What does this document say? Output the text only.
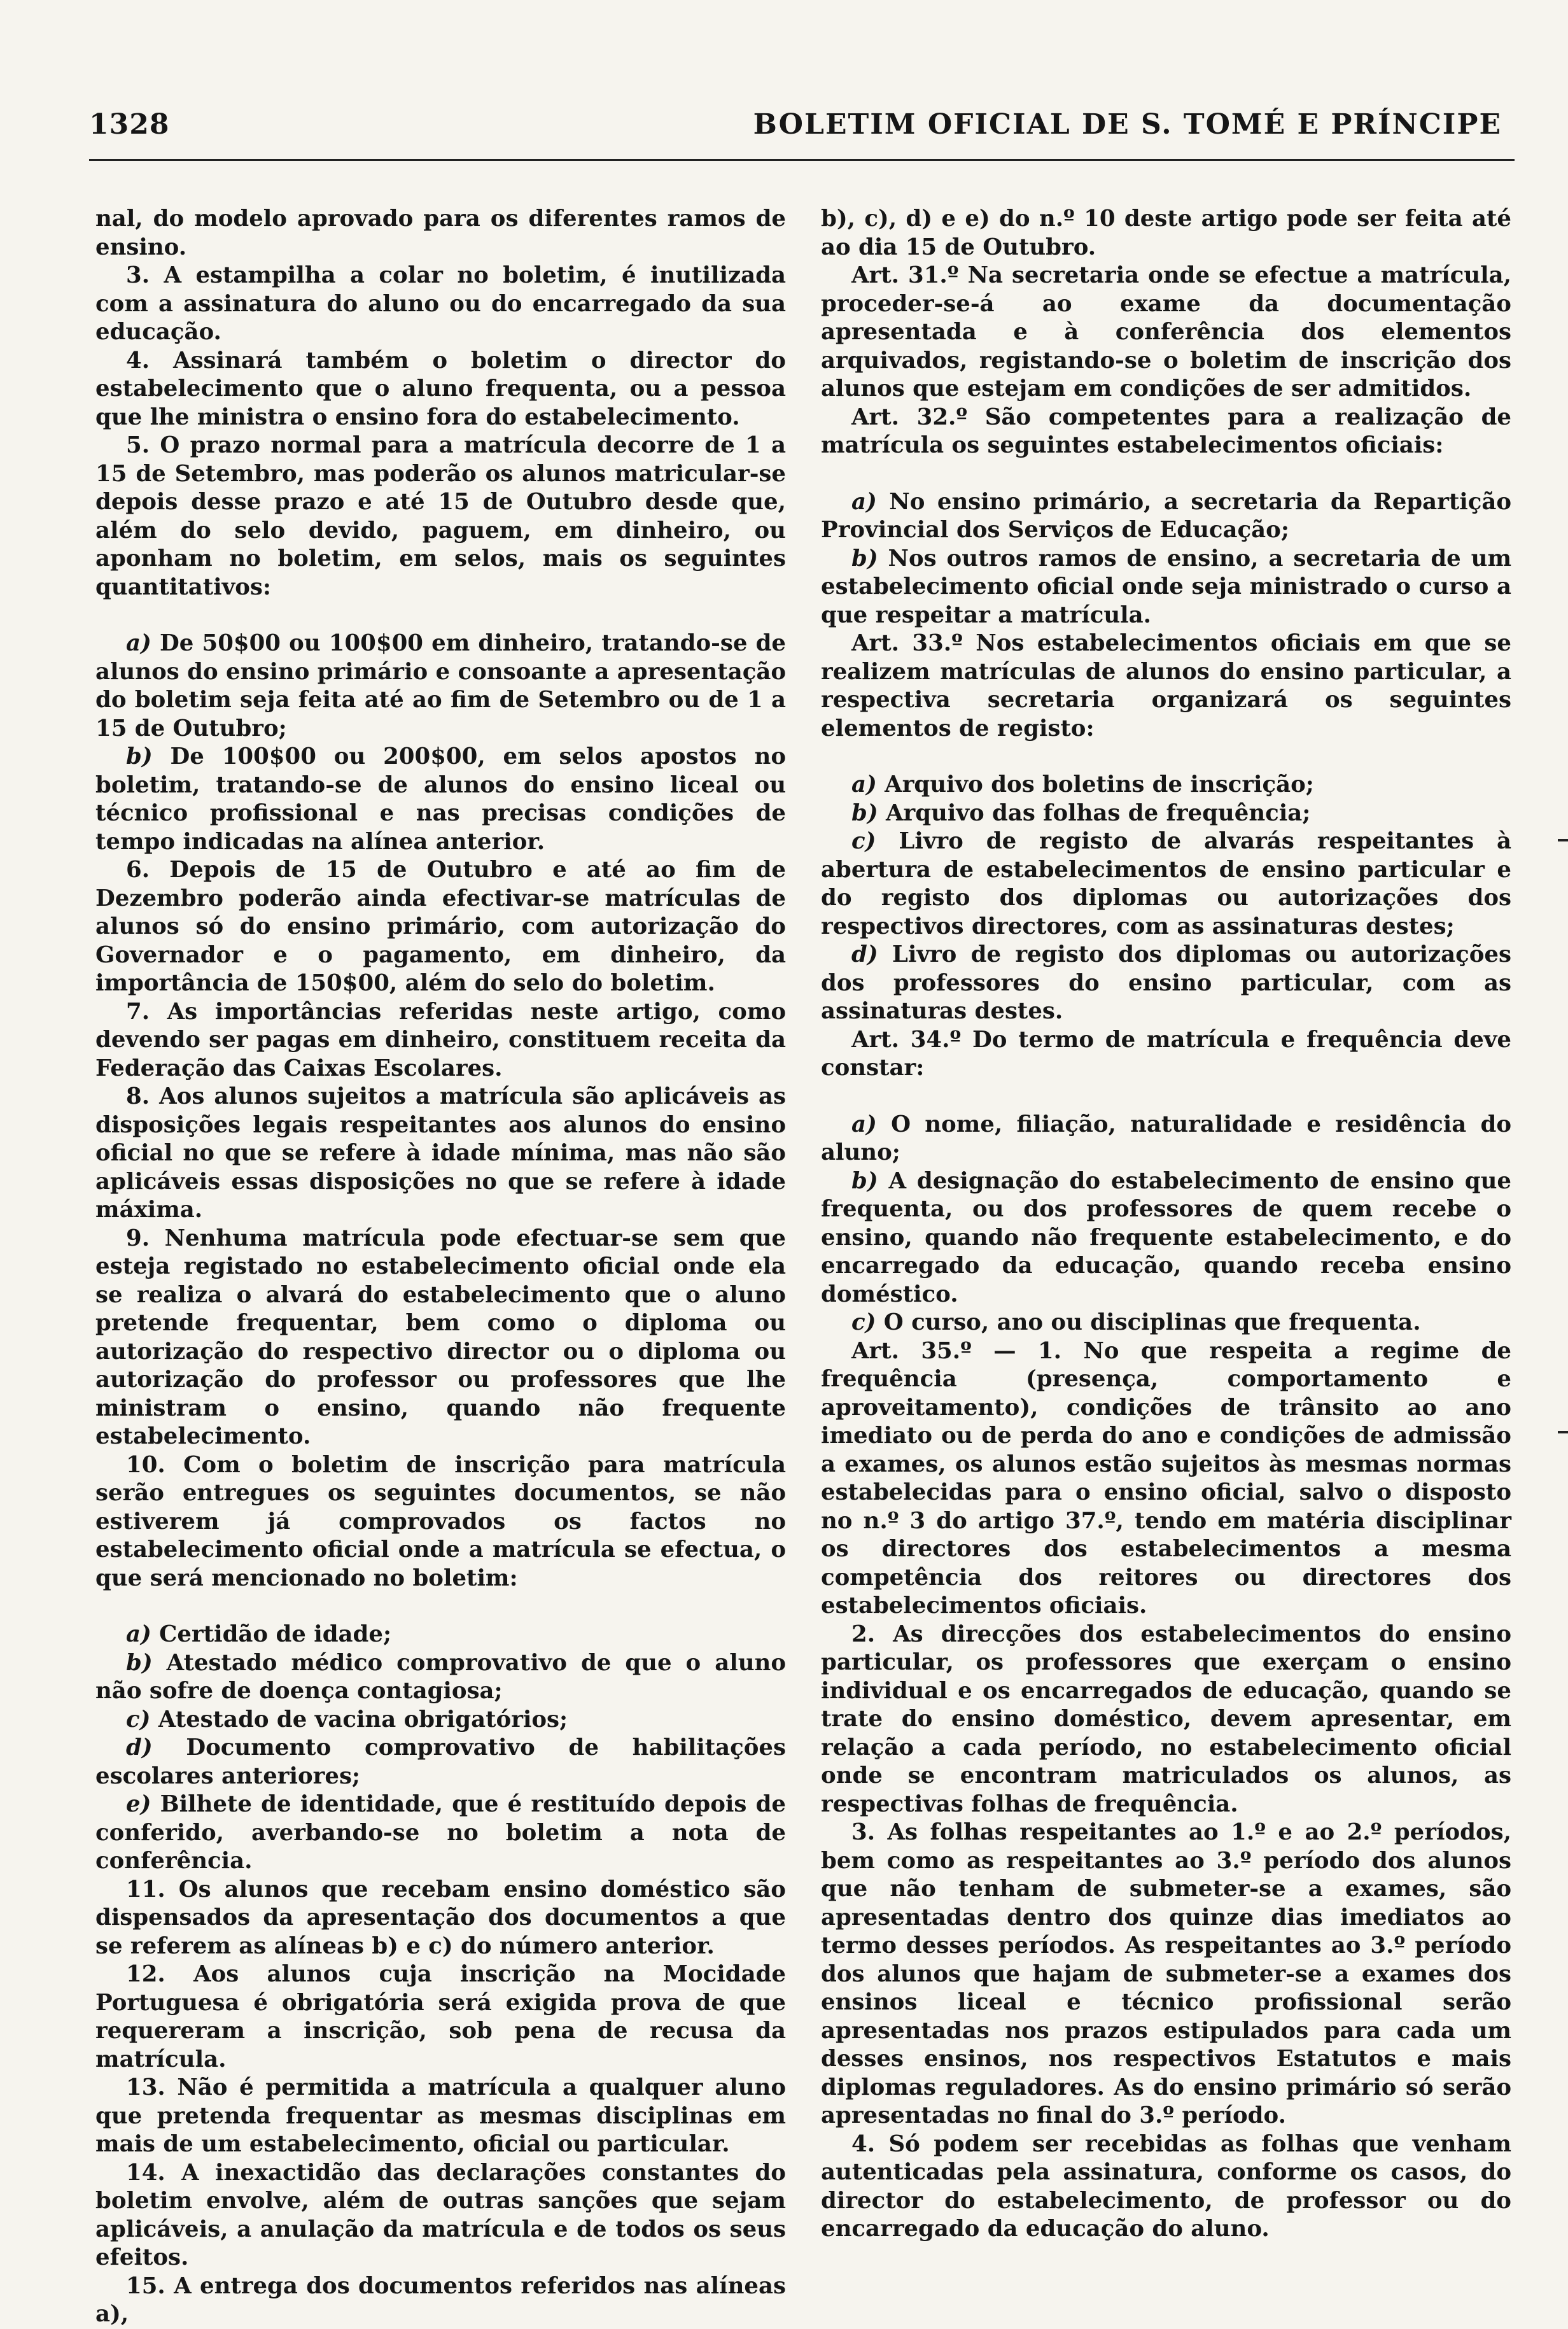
1328	BOLETIM OFICIAL DE S. TOMÉ E PRÍNCIPE

nal, do modelo aprovado para os diferentes ramos de ensino.

3. A estampilha a colar no boletim, é inutilizada com a assinatura do aluno ou do encarregado da sua educação.

4. Assinará também o boletim o director do estabelecimento que o aluno frequenta, ou a pessoa que lhe ministra o ensino fora do estabelecimento.

5. O prazo normal para a matrícula decorre de 1 a 15 de Setembro, mas poderão os alunos matricular-se depois desse prazo e até 15 de Outubro desde que, além do selo devido, paguem, em dinheiro, ou aponham no boletim, em selos, mais os seguintes quantitativos:

a) De 50$00 ou 100$00 em dinheiro, tratando-se de alunos do ensino primário e consoante a apresentação do boletim seja feita até ao fim de Setembro ou de 1 a 15 de Outubro;

b) De 100$00 ou 200$00, em selos apostos no boletim, tratando-se de alunos do ensino liceal ou técnico profissional e nas precisas condições de tempo indicadas na alínea anterior.

6. Depois de 15 de Outubro e até ao fim de Dezembro poderão ainda efectivar-se matrículas de alunos só do ensino primário, com autorização do Governador e o pagamento, em dinheiro, da importância de 150$00, além do selo do boletim.

7. As importâncias referidas neste artigo, como devendo ser pagas em dinheiro, constituem receita da Federação das Caixas Escolares.

8. Aos alunos sujeitos a matrícula são aplicáveis as disposições legais respeitantes aos alunos do ensino oficial no que se refere à idade mínima, mas não são aplicáveis essas disposições no que se refere à idade máxima.

9. Nenhuma matrícula pode efectuar-se sem que esteja registado no estabelecimento oficial onde ela se realiza o alvará do estabelecimento que o aluno pretende frequentar, bem como o diploma ou autorização do respectivo director ou o diploma ou autorização do professor ou professores que lhe ministram o ensino, quando não frequente estabelecimento.

10. Com o boletim de inscrição para matrícula serão entregues os seguintes documentos, se não estiverem já comprovados os factos no estabelecimento oficial onde a matrícula se efectua, o que será mencionado no boletim:

a) Certidão de idade;

b) Atestado médico comprovativo de que o aluno não sofre de doença contagiosa;

c) Atestado de vacina obrigatórios;

d) Documento comprovativo de habilitações escolares anteriores;

e) Bilhete de identidade, que é restituído depois de conferido, averbando-se no boletim a nota de conferência.

11. Os alunos que recebam ensino doméstico são dispensados da apresentação dos documentos a que se referem as alíneas b) e c) do número anterior.

12. Aos alunos cuja inscrição na Mocidade Portuguesa é obrigatória será exigida prova de que requereram a inscrição, sob pena de recusa da matrícula.

13. Não é permitida a matrícula a qualquer aluno que pretenda frequentar as mesmas disciplinas em mais de um estabelecimento, oficial ou particular.

14. A inexactidão das declarações constantes do boletim envolve, além de outras sanções que sejam aplicáveis, a anulação da matrícula e de todos os seus efeitos.

15. A entrega dos documentos referidos nas alíneas a),

b), c), d) e e) do n.º 10 deste artigo pode ser feita até ao dia 15 de Outubro.

Art. 31.º Na secretaria onde se efectue a matrícula, proceder-se-á ao exame da documentação apresentada e à conferência dos elementos arquivados, registando-se o boletim de inscrição dos alunos que estejam em condições de ser admitidos.

Art. 32.º São competentes para a realização de matrícula os seguintes estabelecimentos oficiais:

a) No ensino primário, a secretaria da Repartição Provincial dos Serviços de Educação;

b) Nos outros ramos de ensino, a secretaria de um estabelecimento oficial onde seja ministrado o curso a que respeitar a matrícula.

Art. 33.º Nos estabelecimentos oficiais em que se realizem matrículas de alunos do ensino particular, a respectiva secretaria organizará os seguintes elementos de registo:

a) Arquivo dos boletins de inscrição;

b) Arquivo das folhas de frequência;

c) Livro de registo de alvarás respeitantes à abertura de estabelecimentos de ensino particular e do registo dos diplomas ou autorizações dos respectivos directores, com as assinaturas destes;

d) Livro de registo dos diplomas ou autorizações dos professores do ensino particular, com as assinaturas destes.

Art. 34.º Do termo de matrícula e frequência deve constar:

a) O nome, filiação, naturalidade e residência do aluno;

b) A designação do estabelecimento de ensino que frequenta, ou dos professores de quem recebe o ensino, quando não frequente estabelecimento, e do encarregado da educação, quando receba ensino doméstico.

c) O curso, ano ou disciplinas que frequenta.

Art. 35.º — 1. No que respeita a regime de frequência (presença, comportamento e aproveitamento), condições de trânsito ao ano imediato ou de perda do ano e condições de admissão a exames, os alunos estão sujeitos às mesmas normas estabelecidas para o ensino oficial, salvo o disposto no n.º 3 do artigo 37.º, tendo em matéria disciplinar os directores dos estabelecimentos a mesma competência dos reitores ou directores dos estabelecimentos oficiais.

2. As direcções dos estabelecimentos do ensino particular, os professores que exerçam o ensino individual e os encarregados de educação, quando se trate do ensino doméstico, devem apresentar, em relação a cada período, no estabelecimento oficial onde se encontram matriculados os alunos, as respectivas folhas de frequência.

3. As folhas respeitantes ao 1.º e ao 2.º períodos, bem como as respeitantes ao 3.º período dos alunos que não tenham de submeter-se a exames, são apresentadas dentro dos quinze dias imediatos ao termo desses períodos. As respeitantes ao 3.º período dos alunos que hajam de submeter-se a exames dos ensinos liceal e técnico profissional serão apresentadas nos prazos estipulados para cada um desses ensinos, nos respectivos Estatutos e mais diplomas reguladores. As do ensino primário só serão apresentadas no final do 3.º período.

4. Só podem ser recebidas as folhas que venham autenticadas pela assinatura, conforme os casos, do director do estabelecimento, de professor ou do encarregado da educação do aluno.
